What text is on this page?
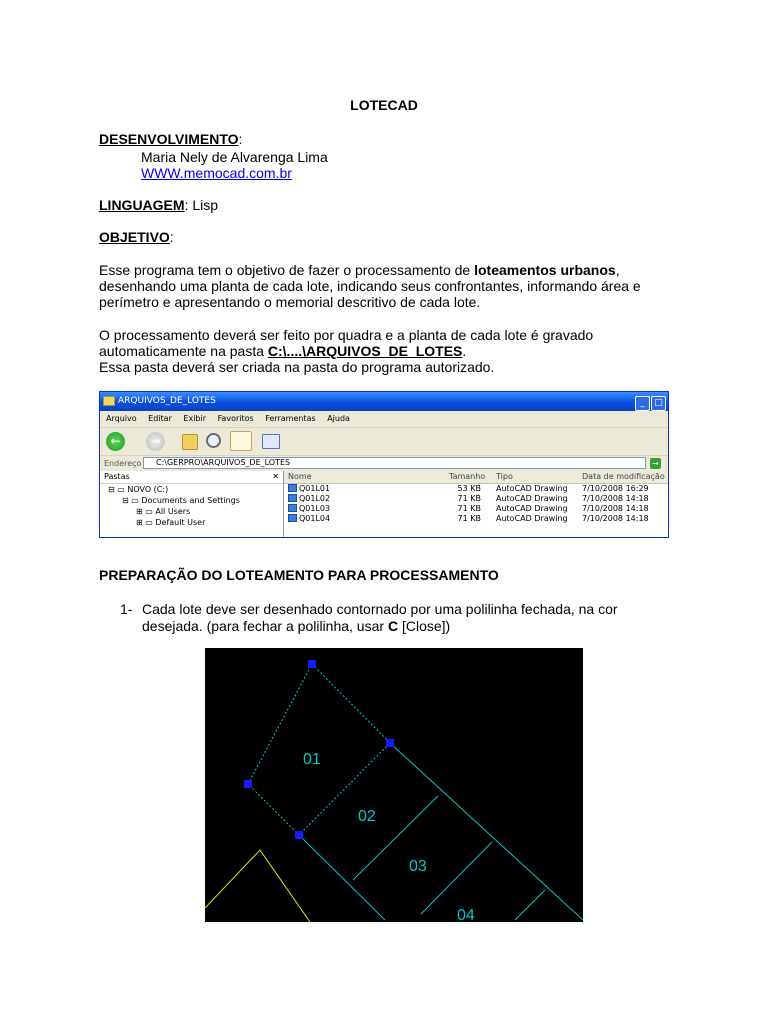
LOTECAD
DESENVOLVIMENTO:
Maria Nely de Alvarenga Lima
WWW.memocad.com.br
LINGUAGEM: Lisp
OBJETIVO:
Esse programa tem o objetivo de fazer o processamento de loteamentos urbanos,
desenhando uma planta de cada lote, indicando seus confrontantes, informando área e
perímetro e apresentando o memorial descritivo de cada lote.
O processamento deverá ser feito por quadra e a planta de cada lote é gravado
automaticamente na pasta C:\....\ARQUIVOS_DE_LOTES.
Essa pasta deverá ser criada na pasta do programa autorizado.
ARQUIVOS_DE_LOTES	_ □
Arquivo Editar Exibir Favoritos Ferramentas Ajuda
←	→
Endereço	C:\GERPRO\ARQUIVOS_DE_LOTES	→
Pastas	✕
⊟ ▭ NOVO (C:)
⊟ ▭ Documents and Settings
⊞ ▭ All Users
⊞ ▭ Default User
Nome	Tamanho Tipo	Data de modificação
Q01L01	53 KB AutoCAD Drawing 7/10/2008 16:29
Q01L02	71 KB AutoCAD Drawing 7/10/2008 14:18
Q01L03	71 KB AutoCAD Drawing 7/10/2008 14:18
Q01L04	71 KB AutoCAD Drawing 7/10/2008 14:18
PREPARAÇÃO DO LOTEAMENTO PARA PROCESSAMENTO
1- Cada lote deve ser desenhado contornado por uma polilinha fechada, na cor
desejada. (para fechar a polilinha, usar C [Close])
01
02
03
04
